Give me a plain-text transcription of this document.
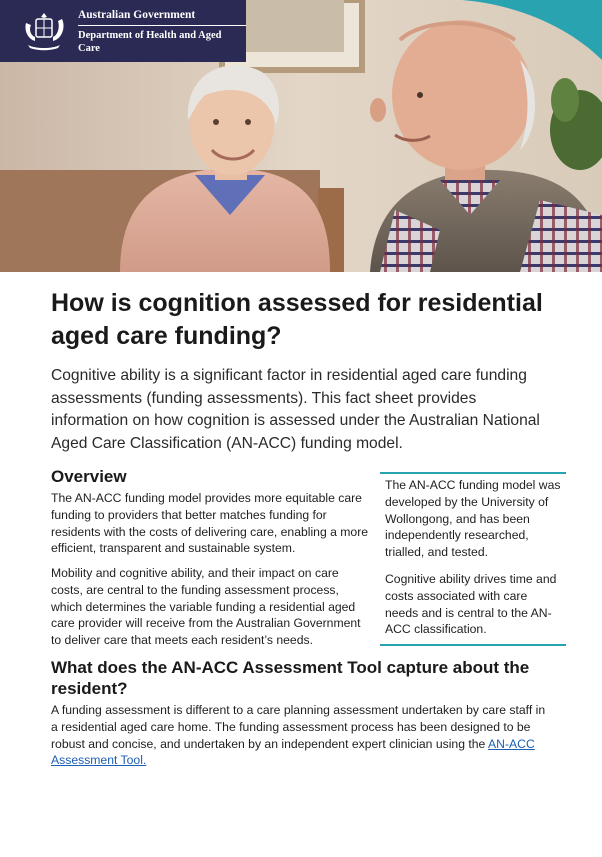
Australian Government
Department of Health and Aged Care
How is cognition assessed for residential aged care funding?

Cognitive ability is a significant factor in residential aged care funding assessments (funding assessments). This fact sheet provides information on how cognition is assessed under the Australian National Aged Care Classification (AN-ACC) funding model.

Overview

The AN-ACC funding model provides more equitable care funding to providers that better matches funding for residents with the costs of delivering care, enabling a more efficient, transparent and sustainable system.

Mobility and cognitive ability, and their impact on care costs, are central to the funding assessment process, which determines the variable funding a residential aged care provider will receive from the Australian Government to deliver care that meets each resident’s needs.

The AN-ACC funding model was developed by the University of Wollongong, and has been independently researched, trialled, and tested.

Cognitive ability drives time and costs associated with care needs and is central to the AN-ACC classification.

What does the AN-ACC Assessment Tool capture about the resident?

A funding assessment is different to a care planning assessment undertaken by care staff in a residential aged care home. The funding assessment process has been designed to be robust and concise, and undertaken by an independent expert clinician using the AN-ACC Assessment Tool.
